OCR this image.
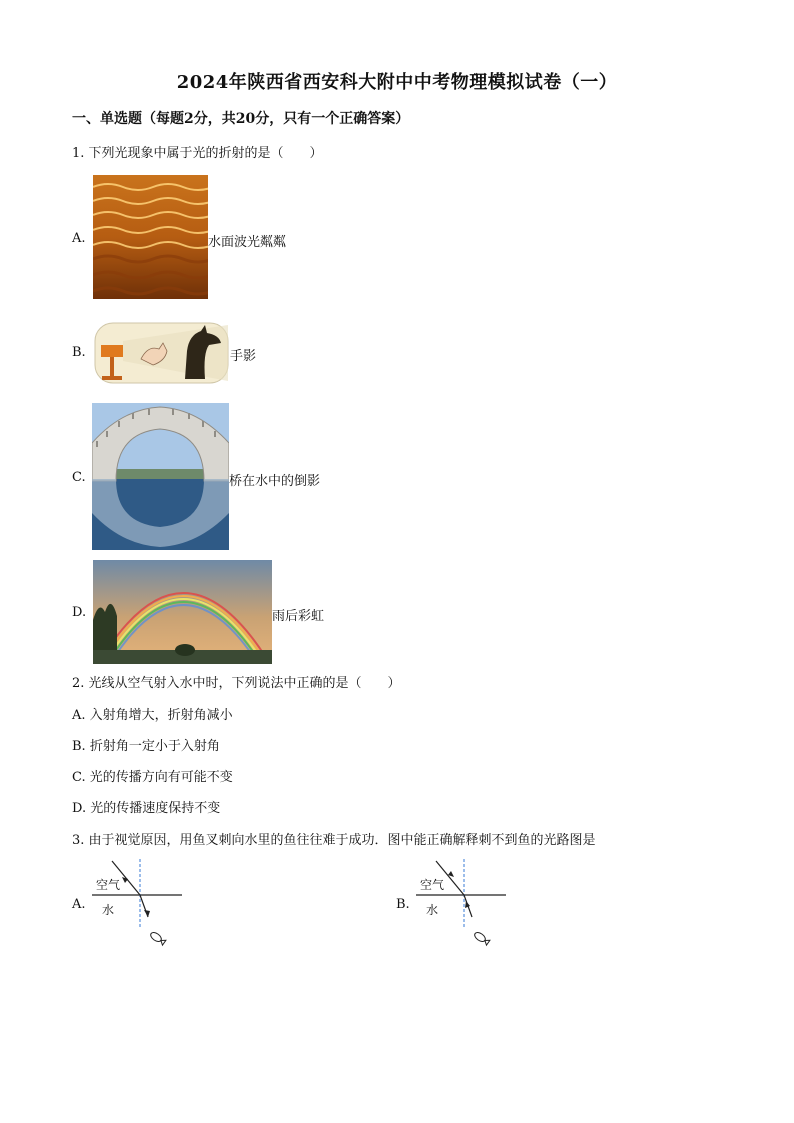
2024年陕西省西安科大附中中考物理模拟试卷（一）
一、单选题（每题2分，共20分，只有一个正确答案）
1. 下列光现象中属于光的折射的是（　　）
A.	水面波光粼粼
B.	手影
C.	桥在水中的倒影
D.	雨后彩虹
2. 光线从空气射入水中时，下列说法中正确的是（　　）
A. 入射角增大，折射角减小
B. 折射角一定小于入射角
C. 光的传播方向有可能不变
D. 光的传播速度保持不变
3. 由于视觉原因，用鱼叉刺向水里的鱼往往难于成功．图中能正确解释刺不到鱼的光路图是
A.
空气
水	B.
空气
水
